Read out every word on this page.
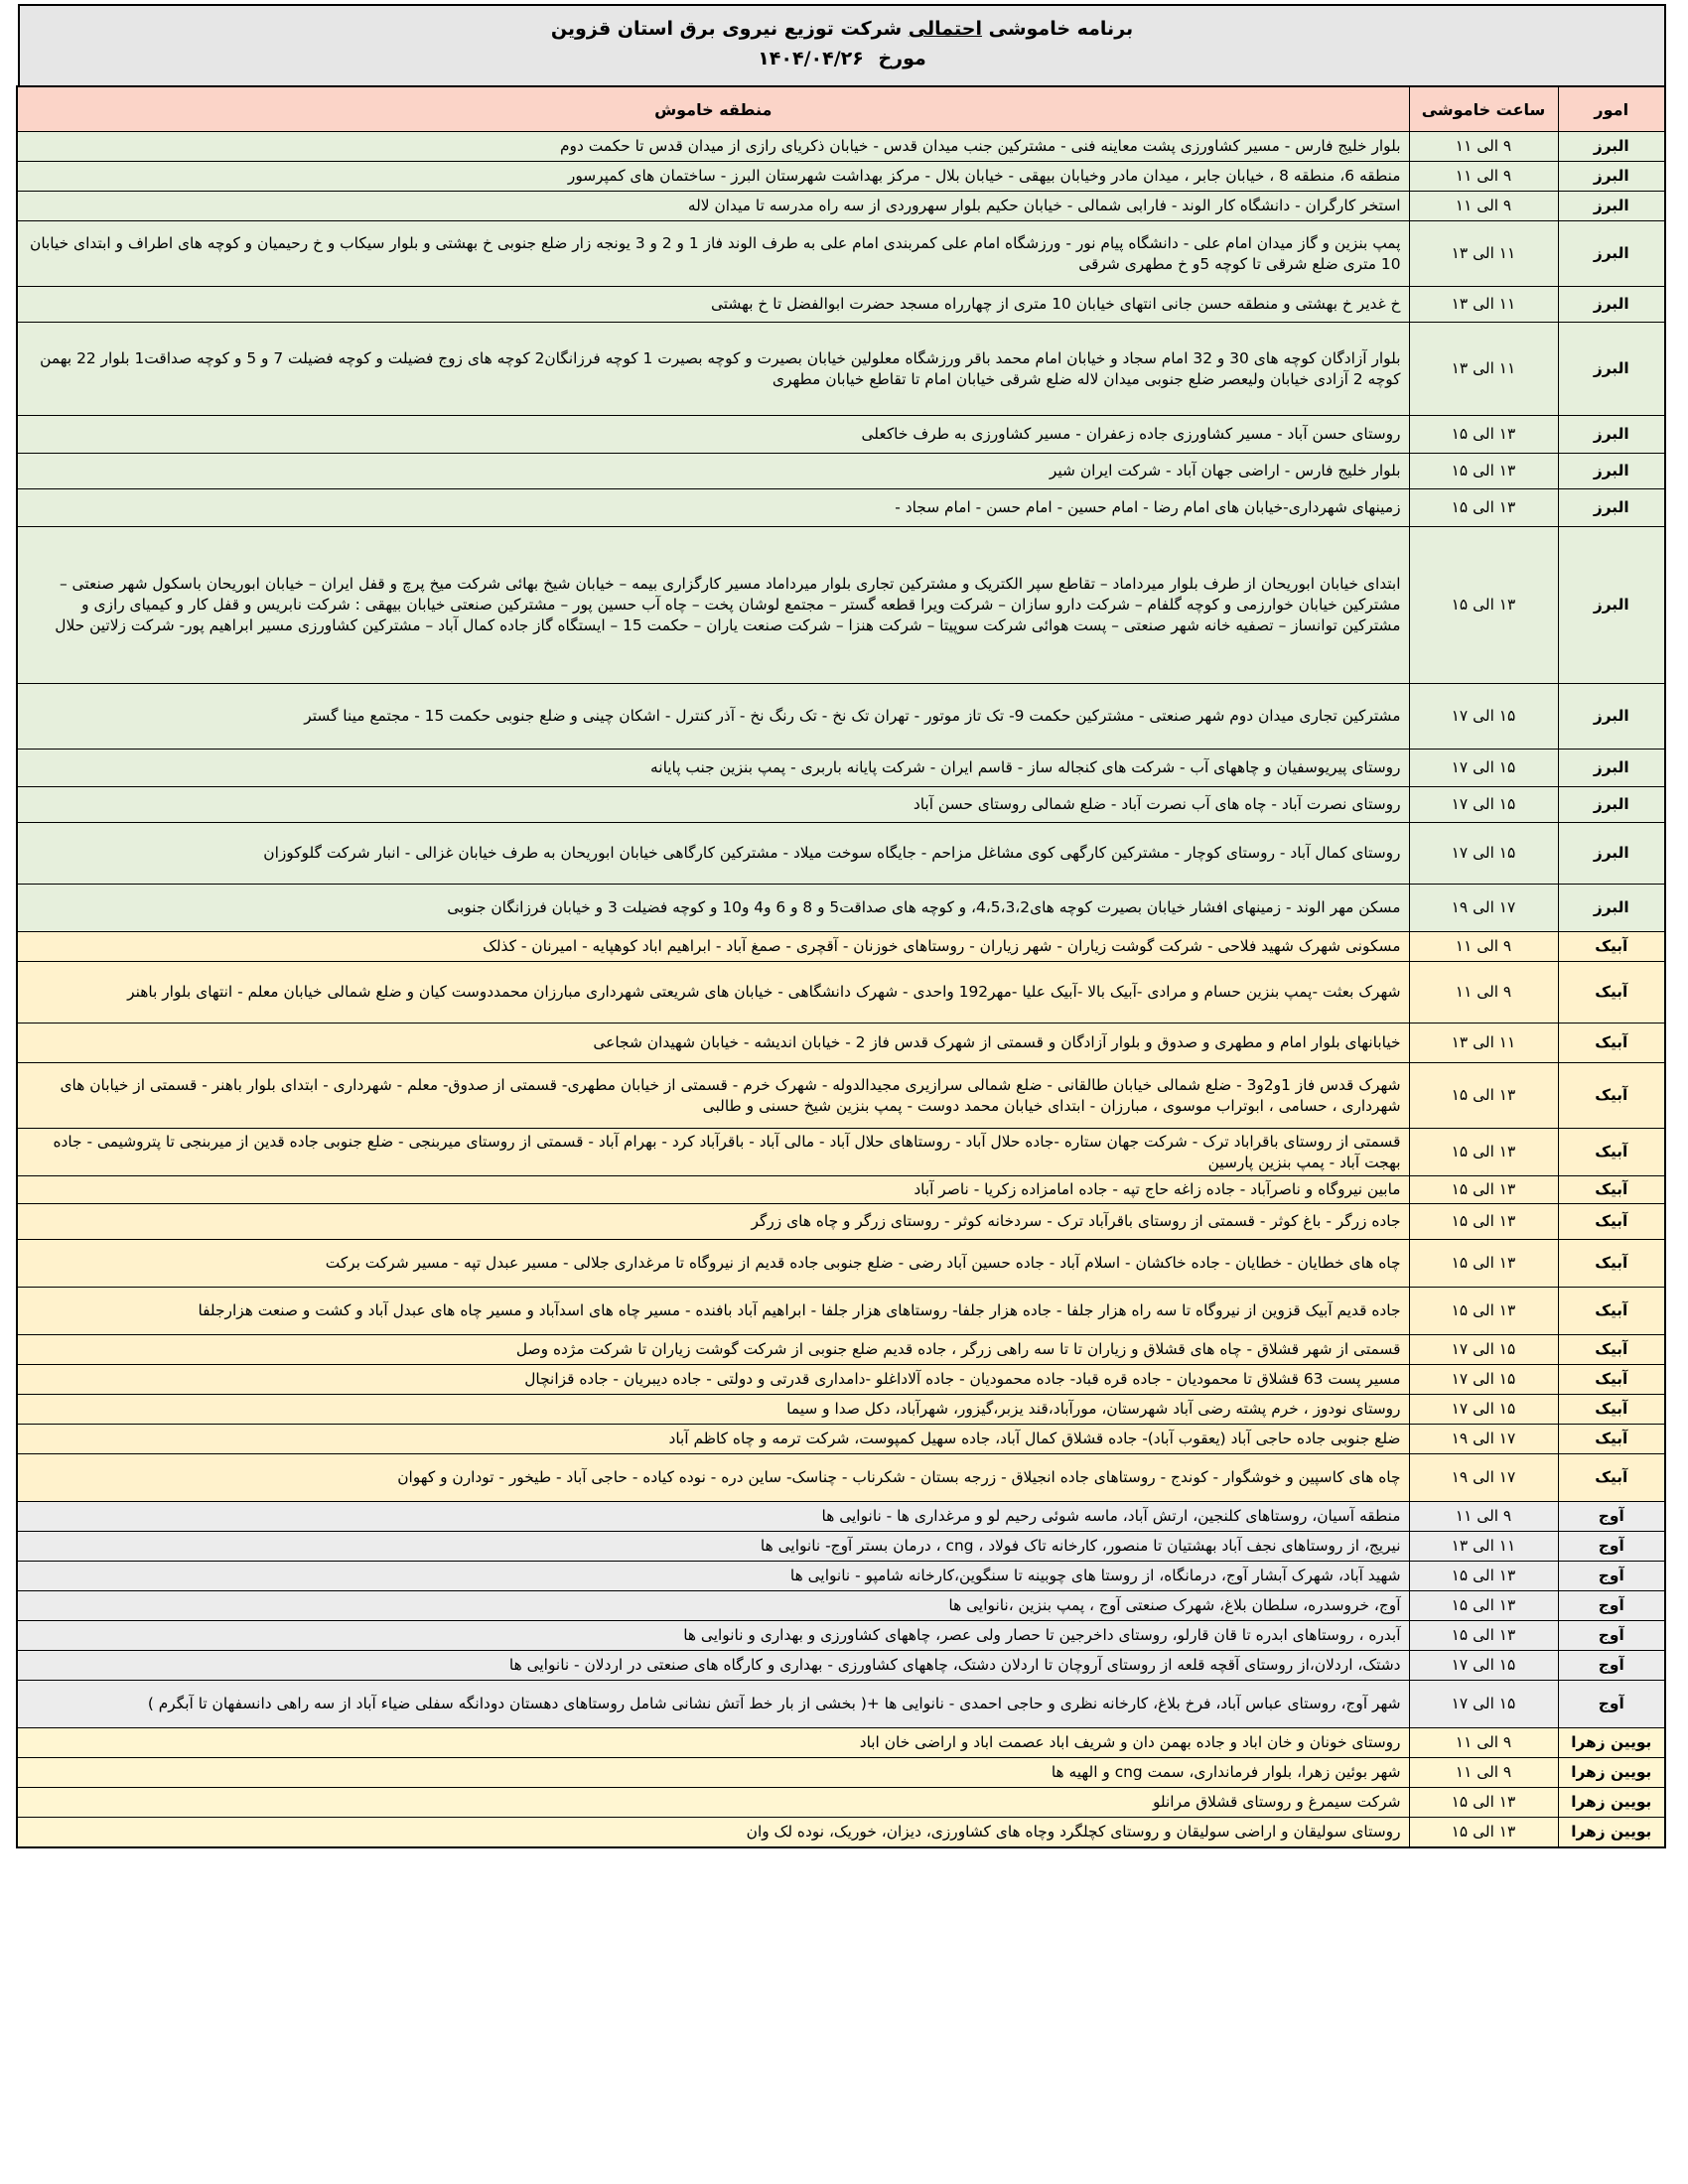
برنامه خاموشی احتمالی شرکت توزیع نیروی برق استان قزوین
مورخ ۱۴۰۴/۰۴/۲۶
امور	ساعت خاموشی	منطقه خاموش
البرز	۹ الی ۱۱	بلوار خلیج فارس - مسیر کشاورزی پشت معاینه فنی - مشترکین جنب میدان قدس - خیابان ذکریای رازی از میدان قدس تا حکمت دوم
البرز	۹ الی ۱۱	منطقه 6، منطقه 8 ، خیابان جابر ، میدان مادر وخیابان بیهقی - خیابان بلال - مرکز بهداشت شهرستان البرز - ساختمان های کمپرسور
البرز	۹ الی ۱۱	استخر کارگران - دانشگاه کار الوند - فارابی شمالی - خیابان حکیم بلوار سهروردی از سه راه مدرسه تا میدان لاله
البرز	۱۱ الی ۱۳	پمپ بنزین و گاز میدان امام علی - دانشگاه پیام نور - ورزشگاه امام علی کمربندی امام علی به طرف الوند فاز 1 و 2 و 3 یونجه زار ضلع جنوبی خ بهشتی و بلوار سیکاب و خ رحیمیان و کوچه های اطراف و ابتدای خیابان 10 متری ضلع شرقی تا کوچه 5و خ مطهری شرقی
البرز	۱۱ الی ۱۳	خ غدیر خ بهشتی و منطقه حسن جانی انتهای خیابان 10 متری از چهارراه مسجد حضرت ابوالفضل تا خ بهشتی
البرز	۱۱ الی ۱۳	بلوار آزادگان کوچه های 30 و 32 امام سجاد و خیابان امام محمد باقر ورزشگاه معلولین خیابان بصیرت و کوچه بصیرت 1 کوچه فرزانگان2 کوچه های زوج فضیلت و کوچه فضیلت 7 و 5 و کوچه صداقت1 بلوار 22 بهمن کوچه 2 آزادی خیابان ولیعصر ضلع جنوبی میدان لاله ضلع شرقی خیابان امام تا تقاطع خیابان مطهری
البرز	۱۳ الی ۱۵	روستای حسن آباد - مسیر کشاورزی جاده زعفران - مسیر کشاورزی به طرف خاکعلی
البرز	۱۳ الی ۱۵	بلوار خلیج فارس - اراضی جهان آباد - شرکت ایران شیر
البرز	۱۳ الی ۱۵	زمینهای شهرداری-خیابان های امام رضا - امام حسین - امام حسن - امام سجاد -
البرز	۱۳ الی ۱۵	ابتدای خیابان ابوریحان از طرف بلوار میرداماد – تقاطع سپر الکتریک و مشترکین تجاری بلوار میرداماد مسیر کارگزاری بیمه – خیابان شیخ بهائی شرکت میخ پرچ و قفل ایران – خیابان ابوریحان باسکول شهر صنعتی – مشترکین خیابان خوارزمی و کوچه گلفام – شرکت دارو سازان – شرکت ویرا قطعه گستر – مجتمع لوشان پخت – چاه آب حسین پور – مشترکین صنعتی خیابان بیهقی : شرکت نابریس و قفل کار و کیمیای رازی و مشترکین توانساز – تصفیه خانه شهر صنعتی – پست هوائی شرکت سوپیتا – شرکت هنزا – شرکت صنعت یاران – حکمت 15 – ایستگاه گاز جاده کمال آباد – مشترکین کشاورزی مسیر ابراهیم پور- شرکت زلاتین حلال
البرز	۱۵ الی ۱۷	مشترکین تجاری میدان دوم شهر صنعتی - مشترکین حکمت 9- تک تاز موتور - تهران تک نخ - تک رنگ نخ - آذر کنترل - اشکان چینی و ضلع جنوبی حکمت 15 - مجتمع مینا گستر
البرز	۱۵ الی ۱۷	روستای پیریوسفیان و چاههای آب - شرکت های کنجاله ساز - قاسم ایران - شرکت پایانه باربری - پمپ بنزین جنب پایانه
البرز	۱۵ الی ۱۷	روستای نصرت آباد - چاه های آب نصرت آباد - ضلع شمالی روستای حسن آباد
البرز	۱۵ الی ۱۷	روستای کمال آباد - روستای کوچار - مشترکین کارگهی کوی مشاغل مزاحم - جایگاه سوخت میلاد - مشترکین کارگاهی خیابان ابوریحان به طرف خیابان غزالی - انبار شرکت گلوکوزان
البرز	۱۷ الی ۱۹	مسکن مهر الوند - زمینهای افشار خیابان بصیرت کوچه های4،5،3،2، و کوچه های صداقت5 و 8 و 6 و4 و10 و کوچه فضیلت 3 و خیابان فرزانگان جنوبی
آبیک	۹ الی ۱۱	مسکونی شهرک شهید فلاحی - شرکت گوشت زیاران - شهر زیاران - روستاهای خوزنان - آقچری - صمغ آباد - ابراهیم اباد کوهپایه - امیرنان - کذلک
آبیک	۹ الی ۱۱	شهرک بعثت -پمپ بنزین حسام و مرادی -آبیک بالا -آبیک علیا -مهر192 واحدی - شهرک دانشگاهی - خیابان های شریعتی شهرداری مبارزان محمددوست کیان و ضلع شمالی خیابان معلم - انتهای بلوار باهنر
آبیک	۱۱ الی ۱۳	خیابانهای بلوار امام و مطهری و صدوق و بلوار آزادگان و قسمتی از شهرک قدس فاز 2 - خیابان اندیشه - خیابان شهیدان شجاعی
آبیک	۱۳ الی ۱۵	شهرک قدس فاز 1و2و3 - ضلع شمالی خیابان طالقانی - ضلع شمالی سرازیری مجیدالدوله - شهرک خرم - قسمتی از خیابان مطهری- قسمتی از صدوق- معلم - شهرداری - ابتدای بلوار باهنر - قسمتی از خیابان های شهرداری ، حسامی ، ابوتراب موسوی ، مبارزان - ابتدای خیابان محمد دوست - پمپ بنزین شیخ حسنی و طالبی
آبیک	۱۳ الی ۱۵	قسمتی از روستای باقراباد ترک - شرکت جهان ستاره -جاده حلال آباد - روستاهای حلال آباد - مالی آباد - باقرآباد کرد - بهرام آباد - قسمتی از روستای میربنجی - ضلع جنوبی جاده قدین از میربنجی تا پتروشیمی - جاده بهجت آباد - پمپ بنزین پارسین
آبیک	۱۳ الی ۱۵	مابین نیروگاه و ناصرآباد - جاده زاغه حاج تپه - جاده امامزاده زکریا - ناصر آباد
آبیک	۱۳ الی ۱۵	جاده زرگر - باغ کوثر - قسمتی از روستای باقرآباد ترک - سردخانه کوثر - روستای زرگر و چاه های زرگر
آبیک	۱۳ الی ۱۵	چاه های خطایان - خطایان - جاده خاکشان - اسلام آباد - جاده حسین آباد رضی - ضلع جنوبی جاده قدیم از نیروگاه تا مرغداری جلالی - مسیر عبدل تپه - مسیر شرکت برکت
آبیک	۱۳ الی ۱۵	جاده قدیم آبیک قزوین از نیروگاه تا سه راه هزار جلفا - جاده هزار جلفا- روستاهای هزار جلفا - ابراهیم آباد بافنده - مسیر چاه های اسدآباد و مسیر چاه های عبدل آباد و کشت و صنعت هزارجلفا
آبیک	۱۵ الی ۱۷	قسمتی از شهر قشلاق - چاه های قشلاق و زیاران تا تا سه راهی زرگر ، جاده قدیم ضلع جنوبی از شرکت گوشت زیاران تا شرکت مژده وصل
آبیک	۱۵ الی ۱۷	مسیر پست 63 قشلاق تا محمودیان - جاده قره قباد- جاده محمودیان - جاده آلاداغلو -دامداری قدرتی و دولتی - جاده دیبریان - جاده قزانچال
آبیک	۱۵ الی ۱۷	روستای نودوز ، خرم پشته رضی آباد شهرستان، مورآباد،قند یزبر،گیزور، شهرآباد، دکل صدا و سیما
آبیک	۱۷ الی ۱۹	ضلع جنوبی جاده حاجی آباد (یعقوب آباد)- جاده قشلاق کمال آباد، جاده سهیل کمپوست، شرکت ترمه و چاه کاظم آباد
آبیک	۱۷ الی ۱۹	چاه های کاسپین و خوشگوار - کوندج - روستاهای جاده انجیلاق - زرجه بستان - شکرناب - چناسک- ساین دره - نوده کیاده - حاجی آباد - طیخور - تودارن و کهوان
آوج	۹ الی ۱۱	منطقه آسیان، روستاهای کلنجین، ارتش آباد، ماسه شوئی رحیم لو و مرغداری ها - نانوایی ها
آوج	۱۱ الی ۱۳	نیریج، از روستاهای نجف آباد بهشتیان تا منصور، کارخانه تاک فولاد ، cng ، درمان بستر آوج- نانوایی ها
آوج	۱۳ الی ۱۵	شهید آباد، شهرک آبشار آوج، درمانگاه، از روستا های چوبینه تا سنگوین،کارخانه شامپو - نانوایی ها
آوج	۱۳ الی ۱۵	آوج، خروسدره، سلطان بلاغ، شهرک صنعتی آوج ، پمپ بنزین ،نانوایی ها
آوج	۱۳ الی ۱۵	آبدره ، روستاهای ابدره تا قان قارلو، روستای داخرجین تا حصار ولی عصر، چاههای کشاورزی و بهداری و نانوایی ها
آوج	۱۵ الی ۱۷	دشتک، اردلان،از روستای آقچه قلعه از روستای آروچان تا اردلان دشتک، چاههای کشاورزی - بهداری و کارگاه های صنعتی در اردلان - نانوایی ها
آوج	۱۵ الی ۱۷	شهر آوج، روستای عباس آباد، فرخ بلاغ، کارخانه نظری و حاجی احمدی - نانوایی ها +( بخشی از بار خط آتش نشانی شامل روستاهای دهستان دودانگه سفلی ضیاء آباد از سه راهی دانسفهان تا آبگرم )
بویین زهرا	۹ الی ۱۱	روستای خونان و خان اباد و جاده بهمن دان و شریف اباد عصمت اباد و اراضی خان اباد
بویین زهرا	۹ الی ۱۱	شهر بوئین زهرا، بلوار فرمانداری، سمت cng و الهیه ها
بویین زهرا	۱۳ الی ۱۵	شرکت سیمرغ و روستای قشلاق مرانلو
بویین زهرا	۱۳ الی ۱۵	روستای سولیقان و اراضی سولیقان و روستای کچلگرد وچاه های کشاورزی، دیزان، خوریک، نوده لک وان
